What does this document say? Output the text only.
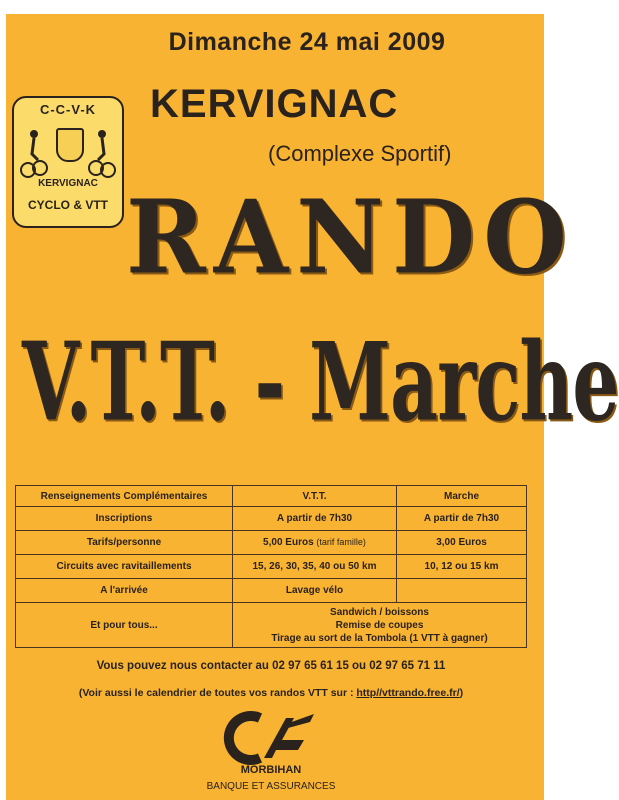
Dimanche 24 mai 2009
C-C-V-K
KERVIGNAC
CYCLO & VTT
KERVIGNAC
(Complexe Sportif)
RANDO
V.T.T. - Marche
Renseignements Complémentaires	V.T.T.	Marche
Inscriptions	A partir de 7h30	A partir de 7h30
Tarifs/personne	5,00 Euros (tarif famille)	3,00 Euros
Circuits avec ravitaillements	15, 26, 30, 35, 40 ou 50 km	10, 12 ou 15 km
A l'arrivée	Lavage vélo	
Et pour tous...	Sandwich / boissons
Remise de coupes
Tirage au sort de la Tombola (1 VTT à gagner)	
Vous pouvez nous contacter au 02 97 65 61 15 ou 02 97 65 71 11
(Voir aussi le calendrier de toutes vos randos VTT sur : http//vttrando.free.fr/)
MORBIHAN
BANQUE ET ASSURANCES
